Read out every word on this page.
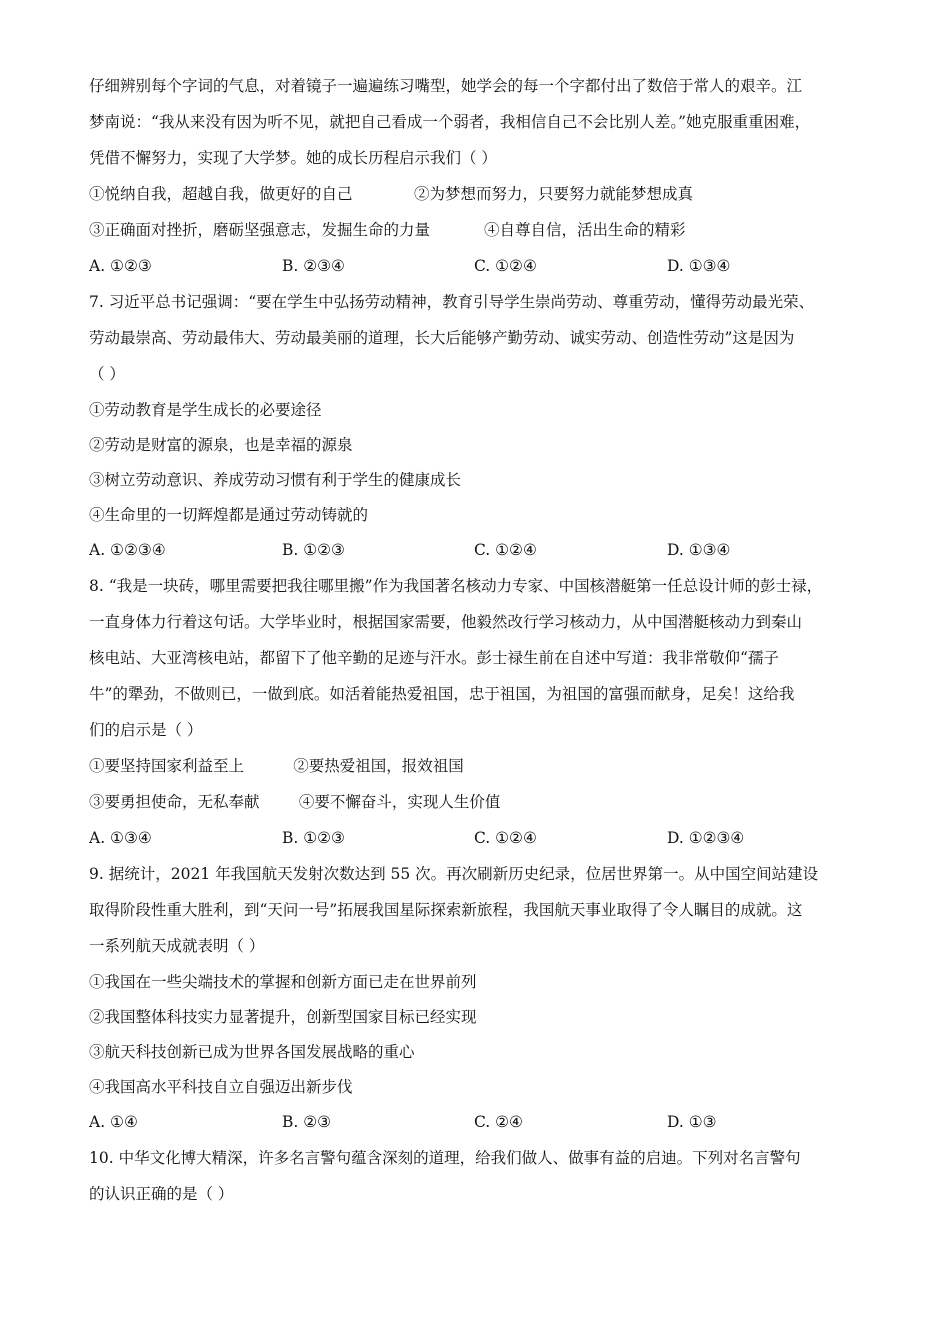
仔细辨别每个字词的气息，对着镜子一遍遍练习嘴型，她学会的每一个字都付出了数倍于常人的艰辛。江
梦南说：“我从来没有因为听不见，就把自己看成一个弱者，我相信自己不会比别人差。”她克服重重困难，
凭借不懈努力，实现了大学梦。她的成长历程启示我们（ ）
①悦纳自我，超越自我，做更好的自己	②为梦想而努力，只要努力就能梦想成真
③正确面对挫折，磨砺坚强意志，发掘生命的力量	④自尊自信，活出生命的精彩
A. ①②③	B. ②③④	C. ①②④	D. ①③④
7. 习近平总书记强调：“要在学生中弘扬劳动精神，教育引导学生崇尚劳动、尊重劳动，懂得劳动最光荣、
劳动最崇高、劳动最伟大、劳动最美丽的道理，长大后能够产勤劳动、诚实劳动、创造性劳动”这是因为
（ ）
①劳动教育是学生成长的必要途径
②劳动是财富的源泉，也是幸福的源泉
③树立劳动意识、养成劳动习惯有利于学生的健康成长
④生命里的一切辉煌都是通过劳动铸就的
A. ①②③④	B. ①②③	C. ①②④	D. ①③④
8. “我是一块砖，哪里需要把我往哪里搬”作为我国著名核动力专家、中国核潜艇第一任总设计师的彭士禄，
一直身体力行着这句话。大学毕业时，根据国家需要，他毅然改行学习核动力，从中国潜艇核动力到秦山
核电站、大亚湾核电站，都留下了他辛勤的足迹与汗水。彭士禄生前在自述中写道：我非常敬仰“孺子
牛”的犟劲，不做则已，一做到底。如活着能热爱祖国，忠于祖国，为祖国的富强而献身，足矣！这给我
们的启示是（ ）
①要坚持国家利益至上          ②要热爱祖国，报效祖国
③要勇担使命，无私奉献        ④要不懈奋斗，实现人生价值
A. ①③④	B. ①②③	C. ①②④	D. ①②③④
9. 据统计，2021 年我国航天发射次数达到 55 次。再次刷新历史纪录，位居世界第一。从中国空间站建设
取得阶段性重大胜利，到“天问一号”拓展我国星际探索新旅程，我国航天事业取得了令人瞩目的成就。这
一系列航天成就表明（ ）
①我国在一些尖端技术的掌握和创新方面已走在世界前列
②我国整体科技实力显著提升，创新型国家目标已经实现
③航天科技创新已成为世界各国发展战略的重心
④我国高水平科技自立自强迈出新步伐
A. ①④	B. ②③	C. ②④	D. ①③
10. 中华文化博大精深，许多名言警句蕴含深刻的道理，给我们做人、做事有益的启迪。下列对名言警句
的认识正确的是（ ）
